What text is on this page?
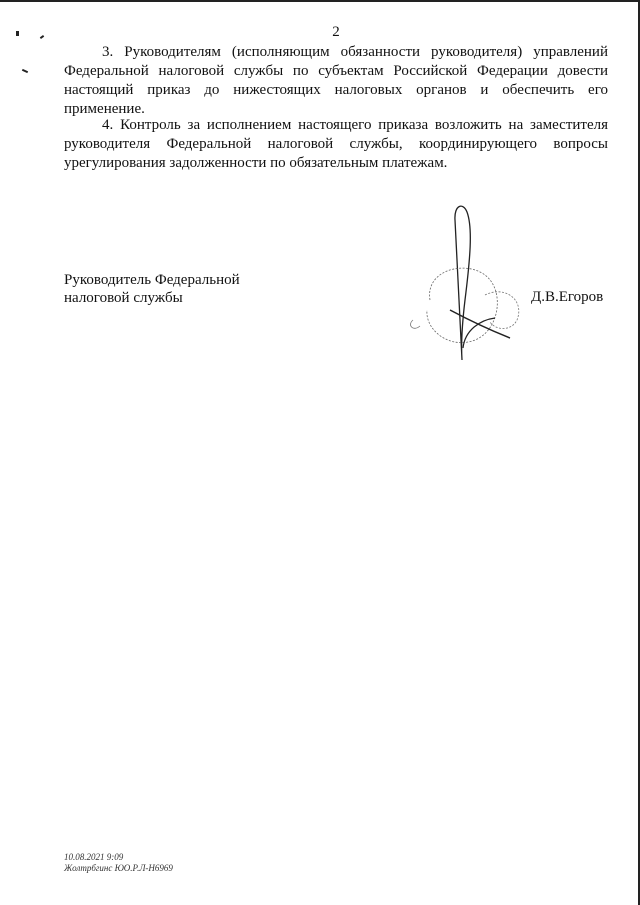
2
3. Руководителям (исполняющим обязанности руководителя) управлений
Федеральной налоговой службы по субъектам Российской Федерации довести
настоящий приказ до нижестоящих налоговых органов и обеспечить его
применение.
4. Контроль за исполнением настоящего приказа возложить на заместителя
руководителя Федеральной налоговой службы, координирующего вопросы
урегулирования задолженности по обязательным платежам.
Руководитель Федеральной
налоговой службы	Д.В.Егоров
10.08.2021 9:09
Жолтрбгинс ЮО.Р.Л-Н6969
